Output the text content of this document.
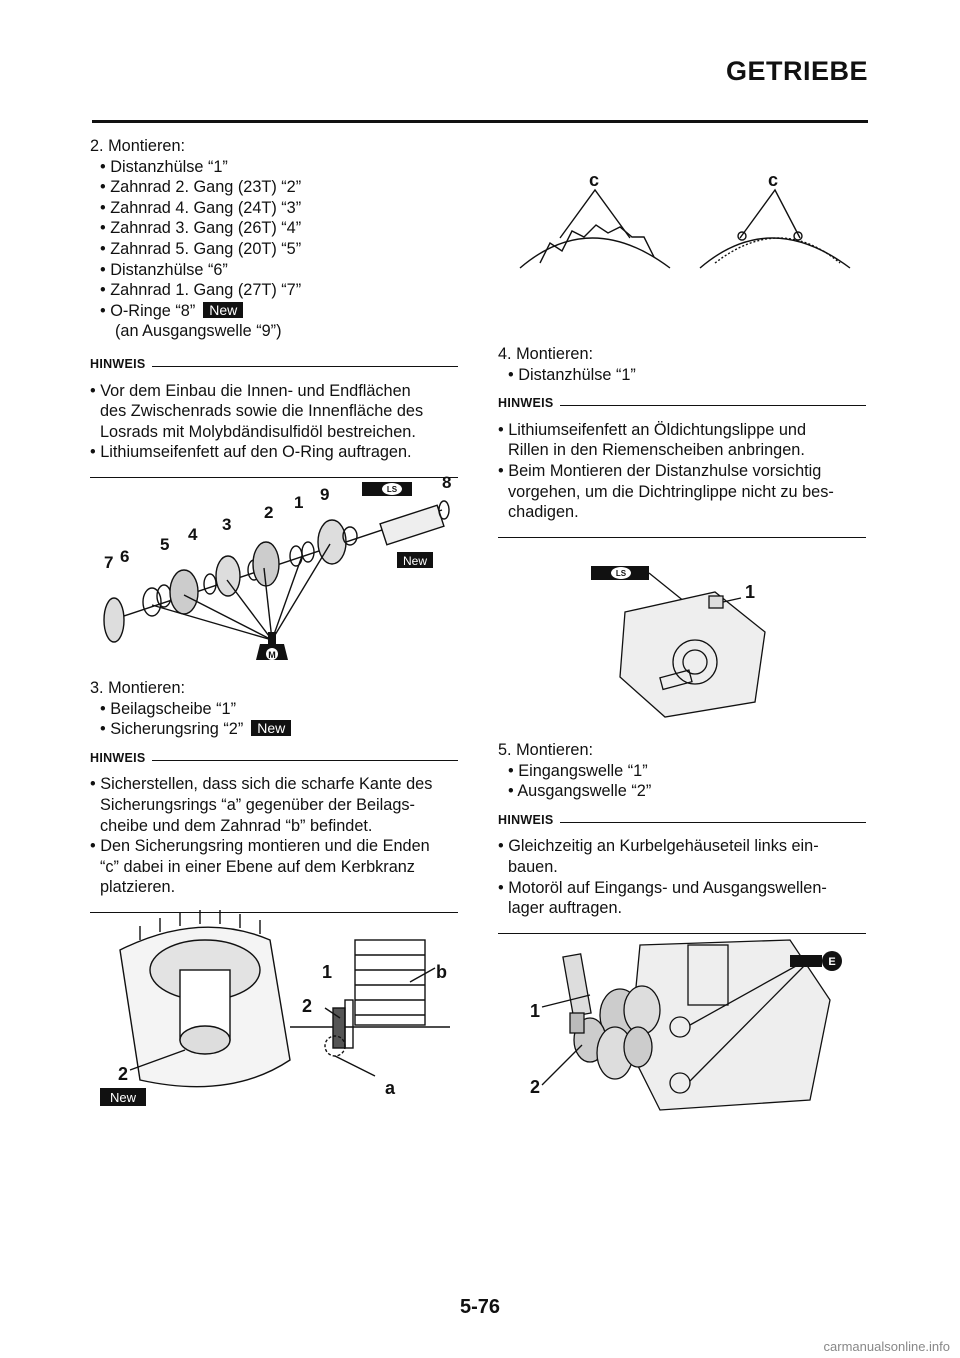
GETRIEBE
2. Montieren:
• Distanzhülse “1”
• Zahnrad 2. Gang (23T) “2”
• Zahnrad 4. Gang (24T) “3”
• Zahnrad 3. Gang (26T) “4”
• Zahnrad 5. Gang (20T) “5”
• Distanzhülse “6”
• Zahnrad 1. Gang (27T) “7”
• O-Ringe “8” New
(an Ausgangswelle “9”)
HINWEIS
• Vor dem Einbau die Innen- und Endflächen
des Zwischenrads sowie die Innenfläche des
Losrads mit Molybdändisulfidöl bestreichen.
• Lithiumseifenfett auf den O-Ring auftragen.
M
LS
New
7 6
5
4
3
2
1 9
8
3. Montieren:
• Beilagscheibe “1”
• Sicherungsring “2” New
HINWEIS
• Sicherstellen, dass sich die scharfe Kante des
Sicherungsrings “a” gegenüber der Beilags-
cheibe und dem Zahnrad “b” befindet.
• Den Sicherungsring montieren und die Enden
“c” dabei in einer Ebene auf dem Kerbkranz
platzieren.
New
2
1
2
b
a
c	c
4. Montieren:
• Distanzhülse “1”
HINWEIS
• Lithiumseifenfett an Öldichtungslippe und
Rillen in den Riemenscheiben anbringen.
• Beim Montieren der Distanzhulse vorsichtig
vorgehen, um die Dichtringlippe nicht zu bes-
chadigen.
LS
1
5. Montieren:
• Eingangswelle “1”
• Ausgangswelle “2”
HINWEIS
• Gleichzeitig an Kurbelgehäuseteil links ein-
bauen.
• Motoröl auf Eingangs- und Ausgangswellen-
lager auftragen.
E
1
2
5-76
carmanualsonline.info
